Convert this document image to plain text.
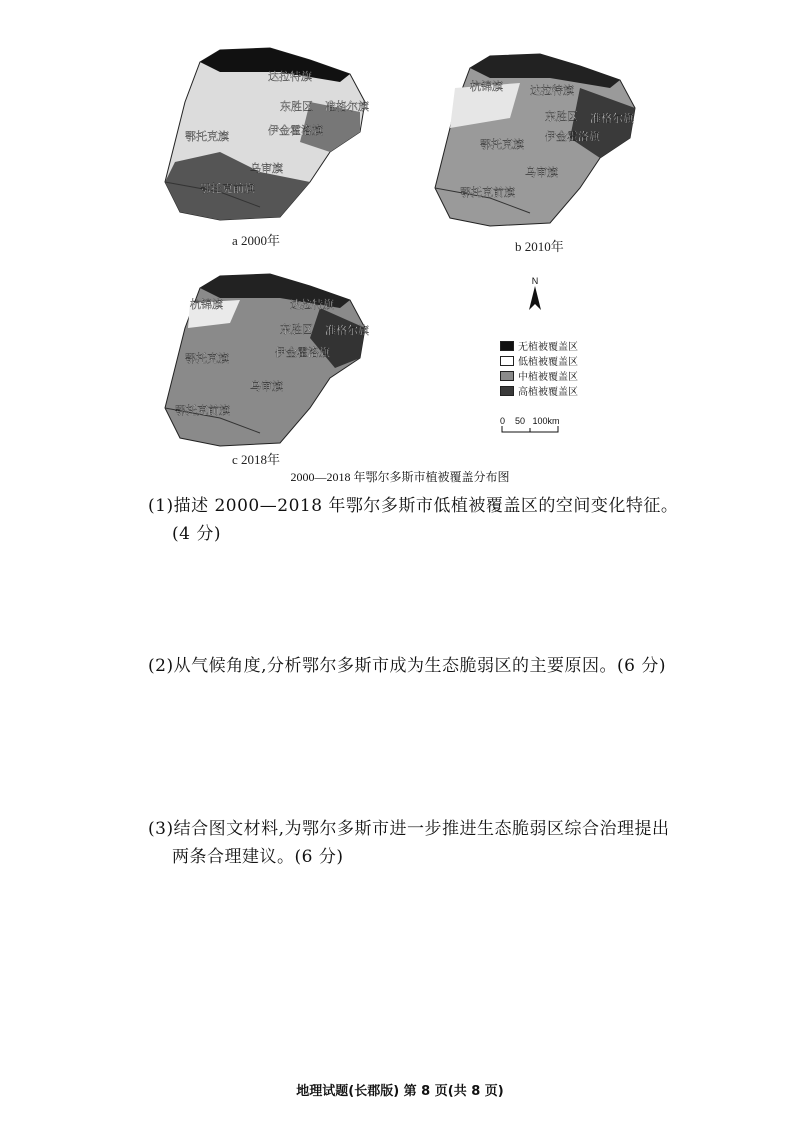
达拉特旗
东胜区 准格尔旗
鄂托克旗	伊金霍洛旗
乌审旗
鄂托克前旗
a 2000年
杭锦旗 达拉特旗
东胜区 准格尔旗
鄂托克旗
伊金霍洛旗
乌审旗
鄂托克前旗
b 2010年
杭锦旗	达拉特旗
东胜区 准格尔旗
鄂托克旗	伊金霍洛旗
乌审旗
鄂托克前旗
c 2018年
N
无植被覆盖区
低植被覆盖区
中植被覆盖区
高植被覆盖区
0    50   100km
2000—2018 年鄂尔多斯市植被覆盖分布图
(1)描述 2000—2018 年鄂尔多斯市低植被覆盖区的空间变化特征。
(4 分)
(2)从气候角度,分析鄂尔多斯市成为生态脆弱区的主要原因。(6 分)
(3)结合图文材料,为鄂尔多斯市进一步推进生态脆弱区综合治理提出
两条合理建议。(6 分)
地理试题(长郡版) 第 8 页(共 8 页)
